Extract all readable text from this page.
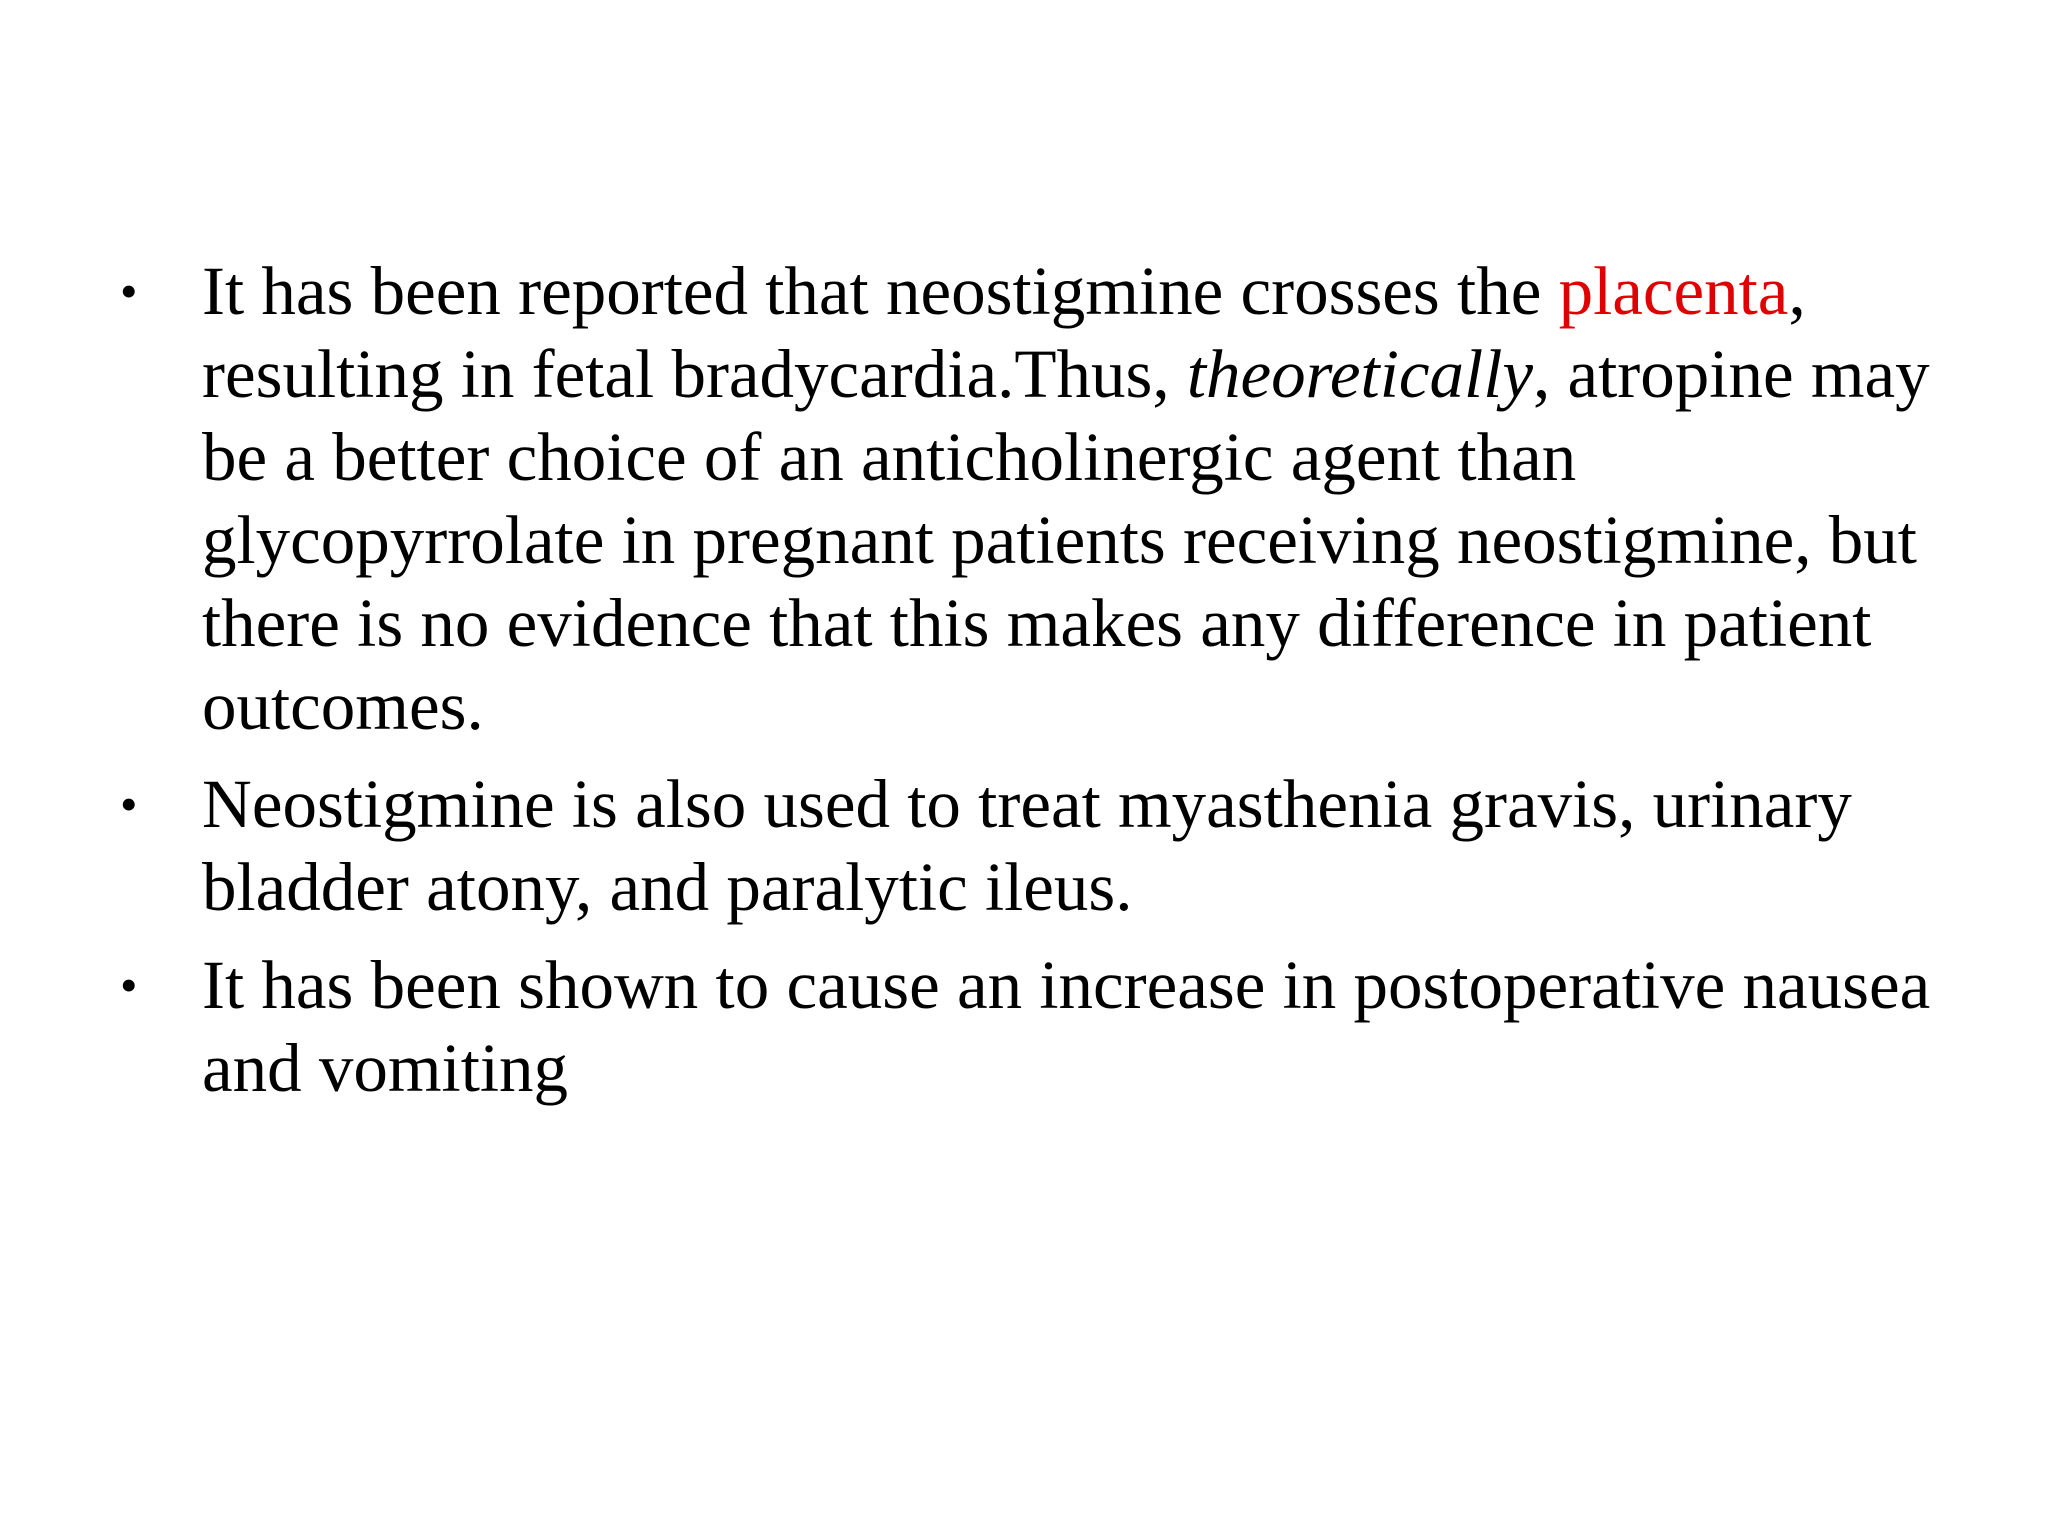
• It has been reported that neostigmine crosses the placenta, resulting in fetal bradycardia.Thus, theoretically, atropine may be a better choice of an anticholinergic agent than glycopyrrolate in pregnant patients receiving neostigmine, but there is no evidence that this makes any difference in patient outcomes.
• Neostigmine is also used to treat myasthenia gravis, urinary bladder atony, and paralytic ileus.
• It has been shown to cause an increase in postoperative nausea and vomiting
